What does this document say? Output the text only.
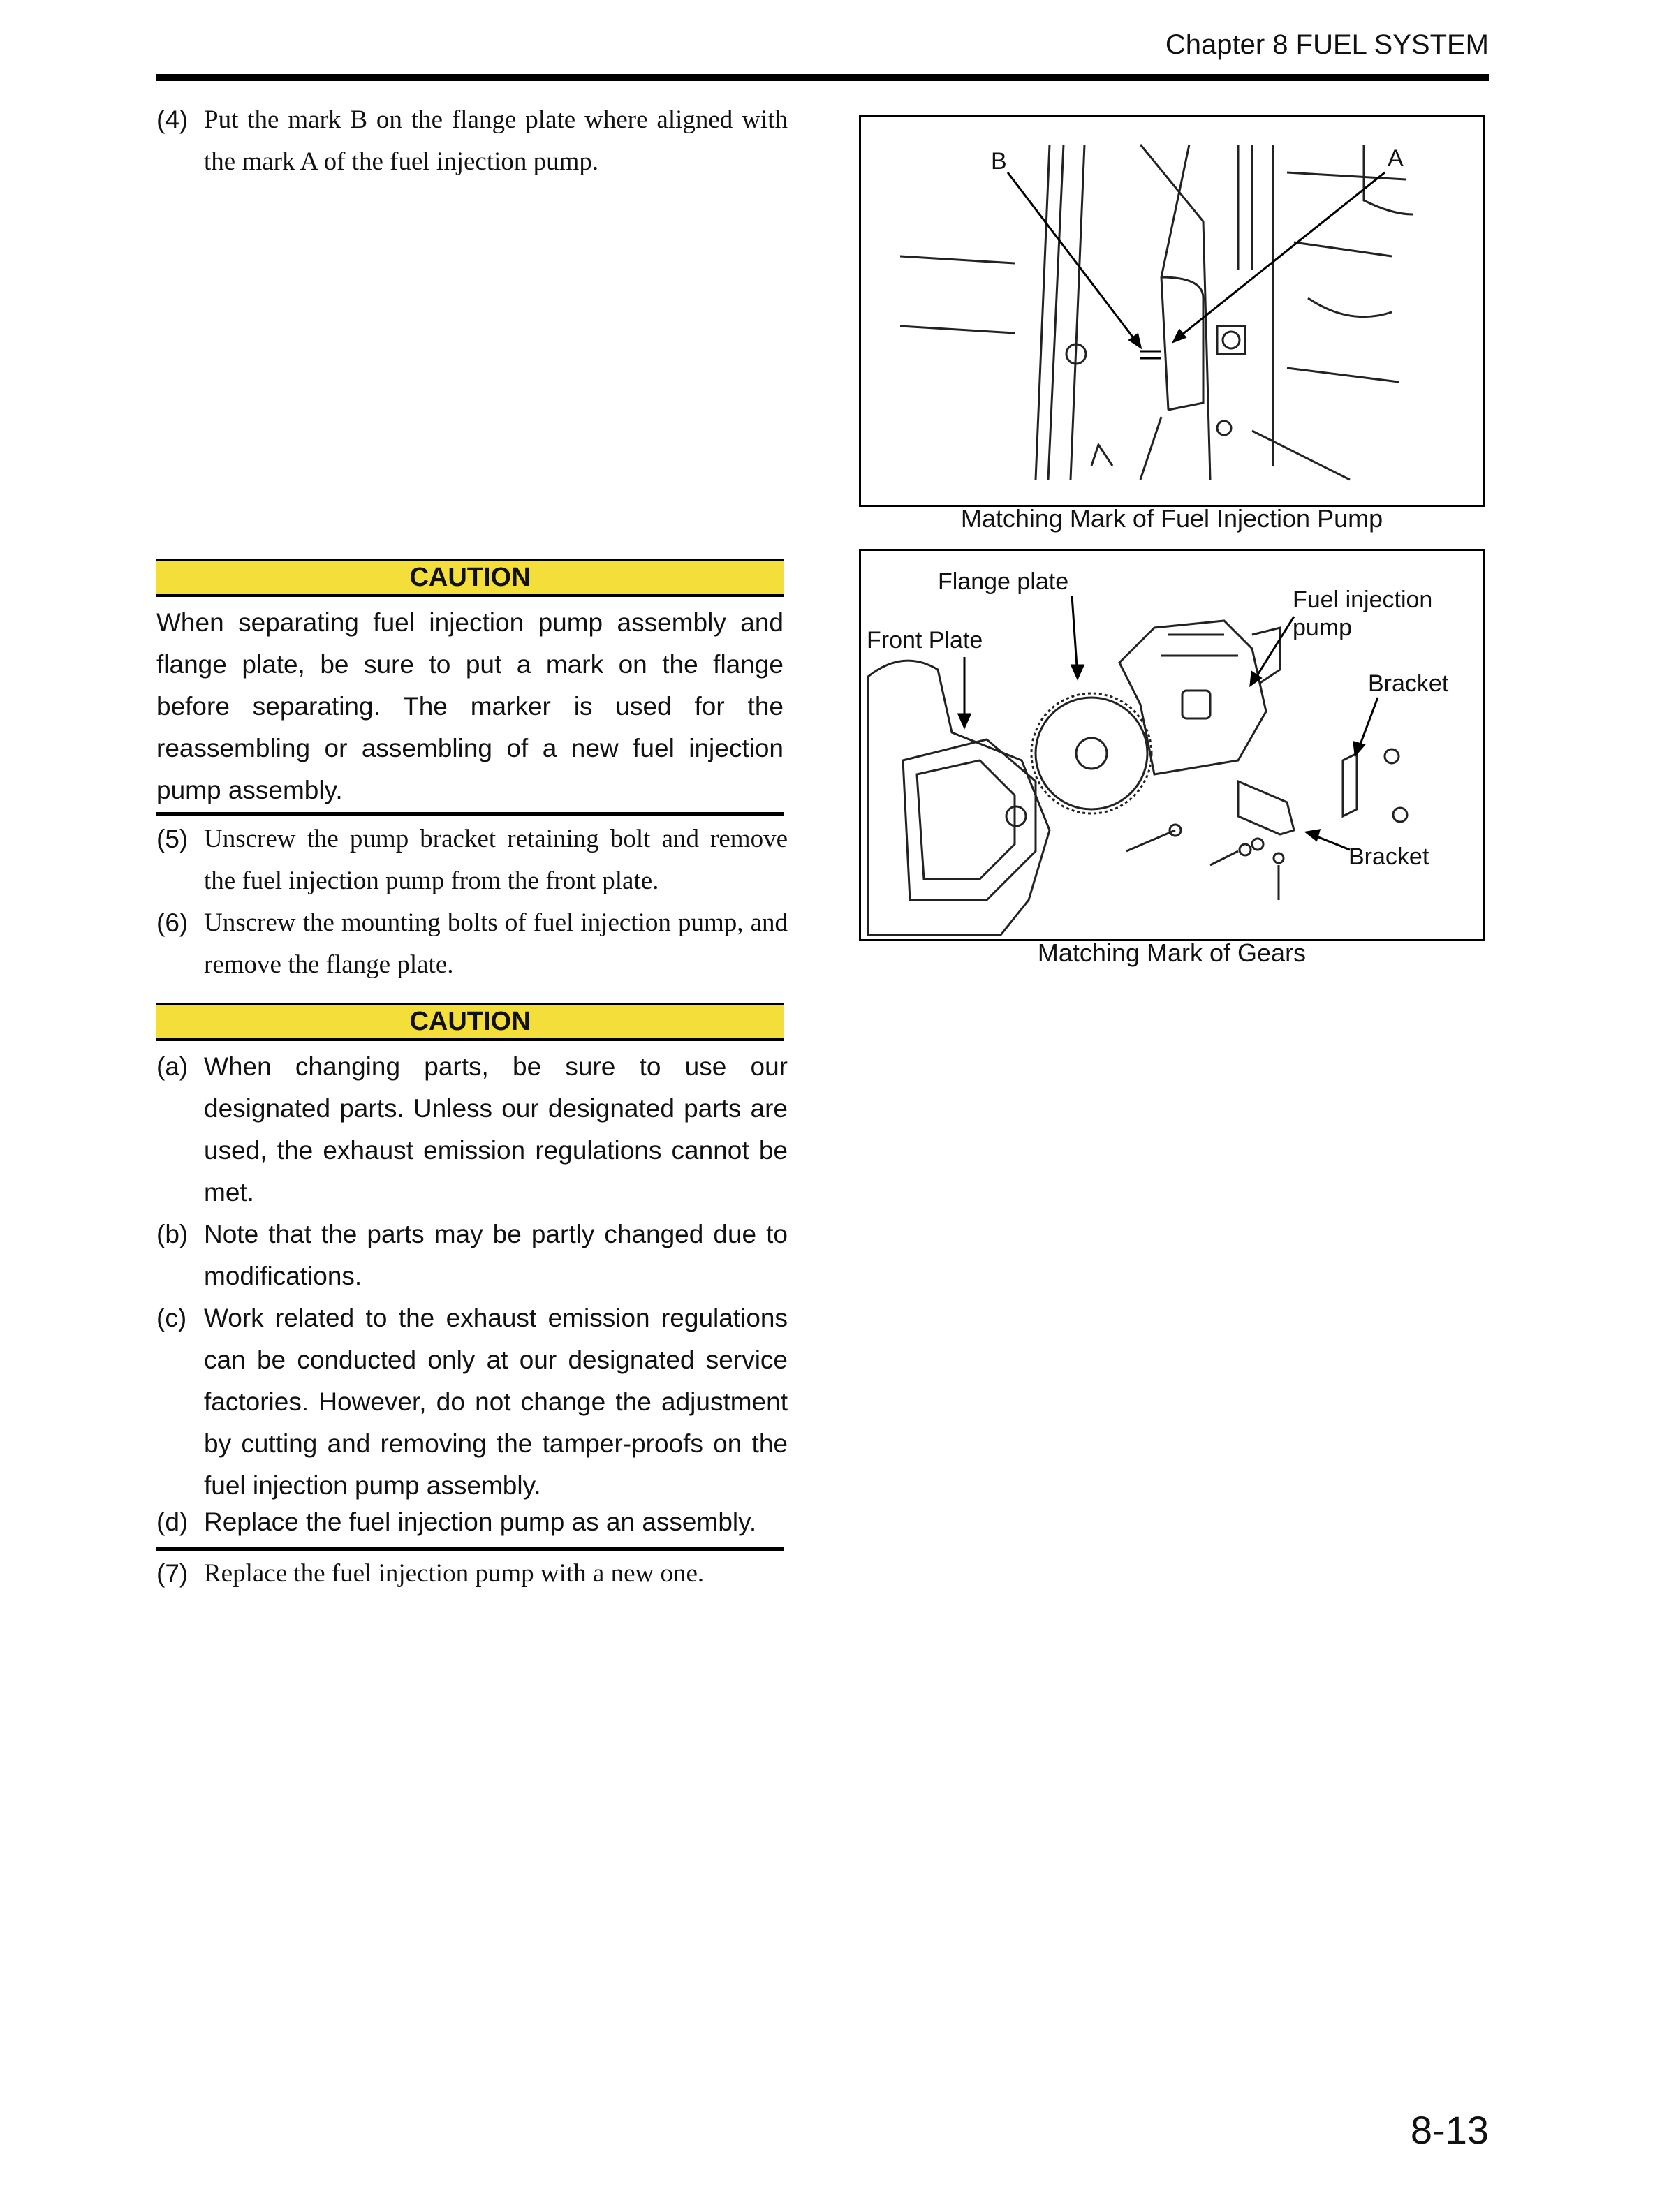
Chapter 8 FUEL SYSTEM
(4) Put the mark B on the flange plate where aligned with the mark A of the fuel injection pump.
CAUTION
When separating fuel injection pump assembly and flange plate, be sure to put a mark on the flange before separating. The marker is used for the reassembling or assembling of a new fuel injection pump assembly.
(5) Unscrew the pump bracket retaining bolt and remove the fuel injection pump from the front plate.
(6) Unscrew the mounting bolts of fuel injection pump, and remove the flange plate.
CAUTION
(a) When changing parts, be sure to use our designated parts. Unless our designated parts are used, the exhaust emission regulations cannot be met.
(b) Note that the parts may be partly changed due to modifications.
(c) Work related to the exhaust emission regulations can be conducted only at our designated service factories. However, do not change the adjustment by cutting and removing the tamper-proofs on the fuel injection pump assembly.
(d) Replace the fuel injection pump as an assembly.
(7) Replace the fuel injection pump with a new one.
B	A
Matching Mark of Fuel Injection Pump
Flange plate
Front Plate
Fuel injection pump
Bracket
Bracket
Matching Mark of Gears
8-13
